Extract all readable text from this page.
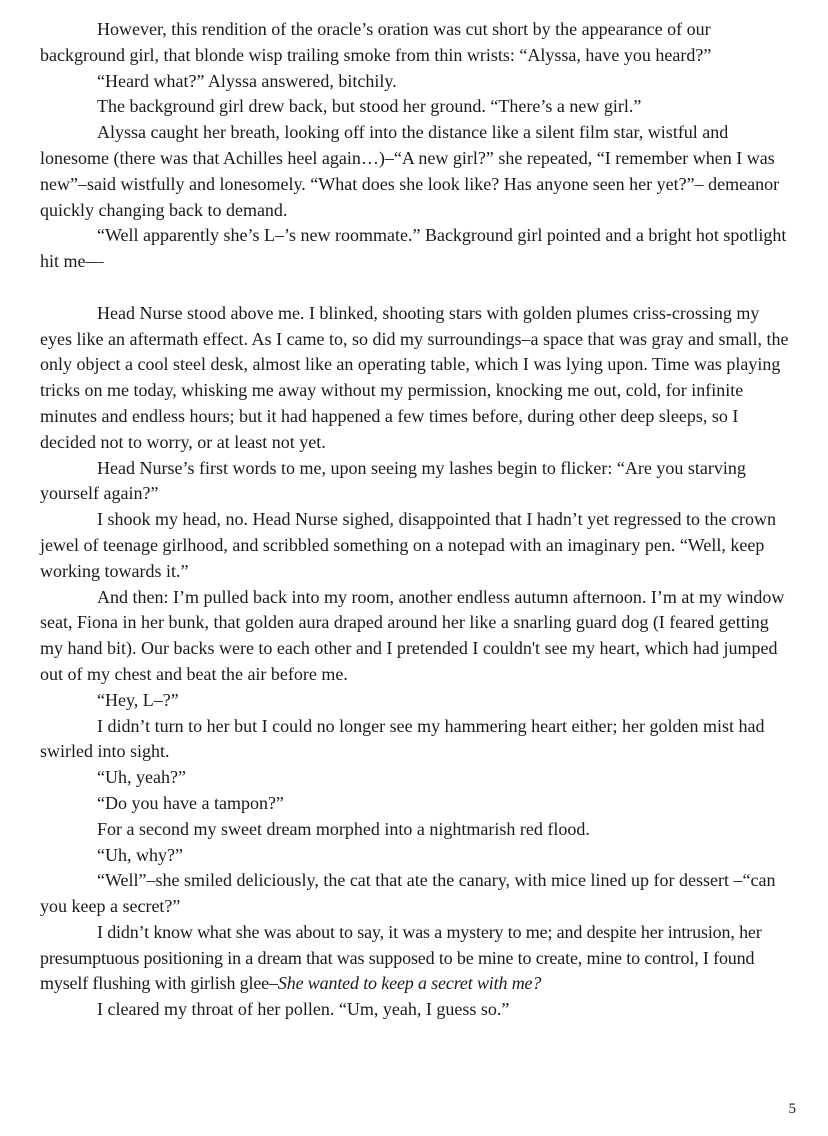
However, this rendition of the oracle’s oration was cut short by the appearance of our background girl, that blonde wisp trailing smoke from thin wrists: “Alyssa, have you heard?”

“Heard what?” Alyssa answered, bitchily.

The background girl drew back, but stood her ground. “There’s a new girl.”

Alyssa caught her breath, looking off into the distance like a silent film star, wistful and lonesome (there was that Achilles heel again…)–“A new girl?” she repeated, “I remember when I was new”–said wistfully and lonesomely. “What does she look like? Has anyone seen her yet?”– demeanor quickly changing back to demand.

“Well apparently she’s L–’s new roommate.” Background girl pointed and a bright hot spotlight hit me—

Head Nurse stood above me. I blinked, shooting stars with golden plumes criss-crossing my eyes like an aftermath effect. As I came to, so did my surroundings–a space that was gray and small, the only object a cool steel desk, almost like an operating table, which I was lying upon. Time was playing tricks on me today, whisking me away without my permission, knocking me out, cold, for infinite minutes and endless hours; but it had happened a few times before, during other deep sleeps, so I decided not to worry, or at least not yet.

Head Nurse’s first words to me, upon seeing my lashes begin to flicker: “Are you starving yourself again?”

I shook my head, no. Head Nurse sighed, disappointed that I hadn’t yet regressed to the crown jewel of teenage girlhood, and scribbled something on a notepad with an imaginary pen. “Well, keep working towards it.”

And then: I’m pulled back into my room, another endless autumn afternoon. I’m at my window seat, Fiona in her bunk, that golden aura draped around her like a snarling guard dog (I feared getting my hand bit). Our backs were to each other and I pretended I couldn't see my heart, which had jumped out of my chest and beat the air before me.

“Hey, L–?”

I didn’t turn to her but I could no longer see my hammering heart either; her golden mist had swirled into sight.

“Uh, yeah?”

“Do you have a tampon?”

For a second my sweet dream morphed into a nightmarish red flood.

“Uh, why?”

“Well”–she smiled deliciously, the cat that ate the canary, with mice lined up for dessert –“can you keep a secret?”

I didn’t know what she was about to say, it was a mystery to me; and despite her intrusion, her presumptuous positioning in a dream that was supposed to be mine to create, mine to control, I found myself flushing with girlish glee–She wanted to keep a secret with me?

I cleared my throat of her pollen. “Um, yeah, I guess so.”

5
